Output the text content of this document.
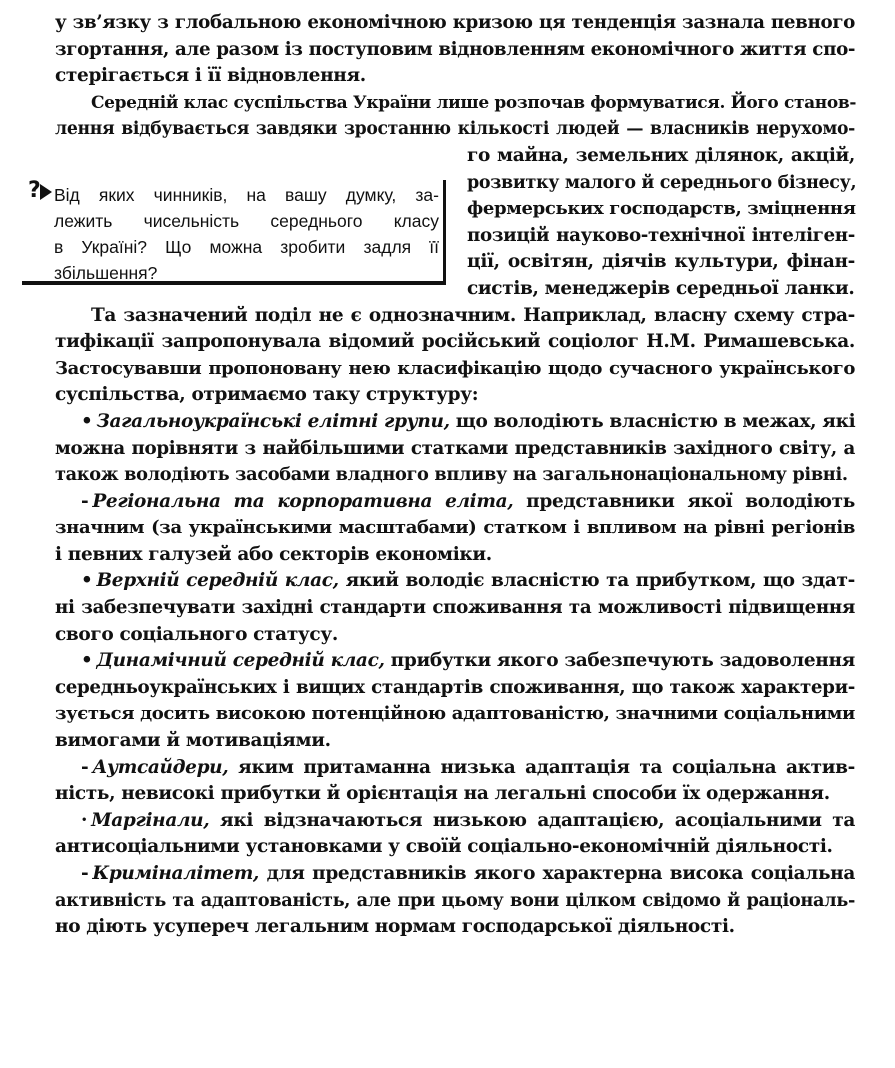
? Від яких чинників, на вашу думку, за-
лежить чисельність середнього класу
в Україні? Що можна зробити задля її
збільшення?
у зв’язку з глобальною економічною кризою ця тенденція зазнала певного
згортання, але разом із поступовим відновленням економічного життя спо-
стерігається і її відновлення.
Середній клас суспільства України лише розпочав формуватися. Його станов-
лення відбувається завдяки зростанню кількості людей — власників нерухомо-
го майна, земельних ділянок, акцій,
розвитку малого й середнього бізнесу,
фермерських господарств, зміцнення
позицій науково-технічної інтеліген-
ції, освітян, діячів культури, фінан-
систів, менеджерів середньої ланки.
Та зазначений поділ не є однозначним. Наприклад, власну схему стра-
тифікації запропонувала відомий російський соціолог Н.М. Римашевська.
Застосувавши пропоновану нею класифікацію щодо сучасного українського
суспільства, отримаємо таку структуру:
• Загальноукраїнські елітні групи, що володіють власністю в межах, які
можна порівняти з найбільшими статками представників західного світу, а
також володіють засобами владного впливу на загальнонаціональному рівні.
- Регіональна та корпоративна еліта, представники якої володіють
значним (за українськими масштабами) статком і впливом на рівні регіонів
і певних галузей або секторів економіки.
• Верхній середній клас, який володіє власністю та прибутком, що здат-
ні забезпечувати західні стандарти споживання та можливості підвищення
свого соціального статусу.
• Динамічний середній клас, прибутки якого забезпечують задоволення
середньоукраїнських і вищих стандартів споживання, що також характери-
зується досить високою потенційною адаптованістю, значними соціальними
вимогами й мотиваціями.
- Аутсайдери, яким притаманна низька адаптація та соціальна актив-
ність, невисокі прибутки й орієнтація на легальні способи їх одержання.
· Маргінали, які відзначаються низькою адаптацією, асоціальними та
антисоціальними установками у своїй соціально-економічній діяльності.
- Криміналітет, для представників якого характерна висока соціальна
активність та адаптованість, але при цьому вони цілком свідомо й раціональ-
но діють усупереч легальним нормам господарської діяльності.
